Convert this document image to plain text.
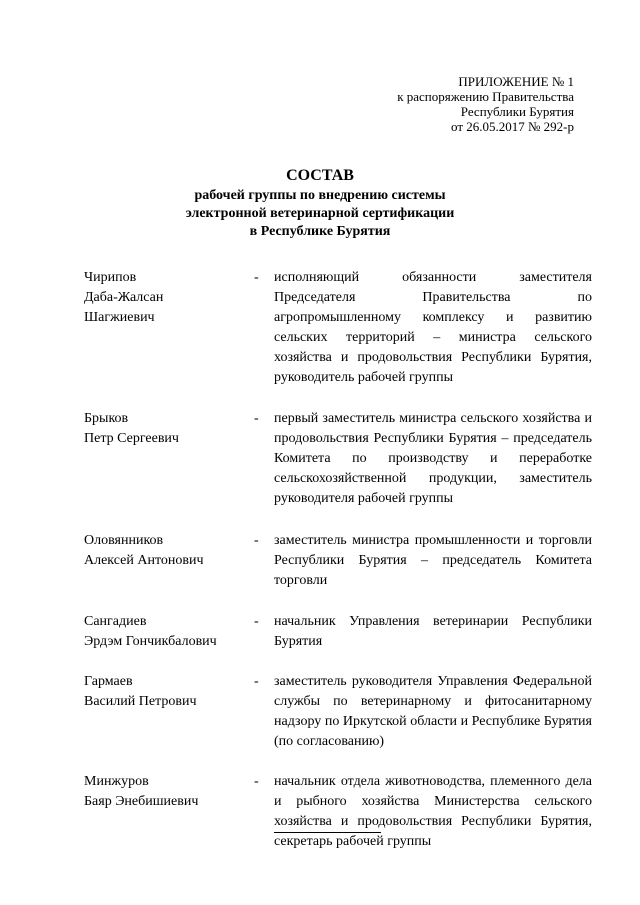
ПРИЛОЖЕНИЕ № 1
к распоряжению Правительства
Республики Бурятия
от 26.05.2017 № 292-р
СОСТАВ
рабочей группы по внедрению системы
электронной ветеринарной сертификации
в Республике Бурятия
Чирипов
Даба-Жалсан
Шагжиевич
-	исполняющий обязанности заместителя Председателя Правительства по агропромышленному комплексу и развитию сельских территорий – министра сельского хозяйства и продовольствия Республики Бурятия, руководитель рабочей группы
Брыков
Петр Сергеевич
-	первый заместитель министра сельского хозяйства и продовольствия Республики Бурятия – председатель Комитета по производству и переработке сельскохозяйственной продукции, заместитель руководителя рабочей группы
Оловянников
Алексей Антонович
-	заместитель министра промышленности и торговли Республики Бурятия – председатель Комитета торговли
Сангадиев
Эрдэм Гончикбалович
-	начальник Управления ветеринарии Республики Бурятия
Гармаев
Василий Петрович
-	заместитель руководителя Управления Федеральной службы по ветеринарному и фитосанитарному надзору по Иркутской области и Республике Бурятия (по согласованию)
Минжуров
Баяр Энебишиевич
-	начальник отдела животноводства, племенного дела и рыбного хозяйства Министерства сельского хозяйства и продовольствия Республики Бурятия, секретарь рабочей группы
